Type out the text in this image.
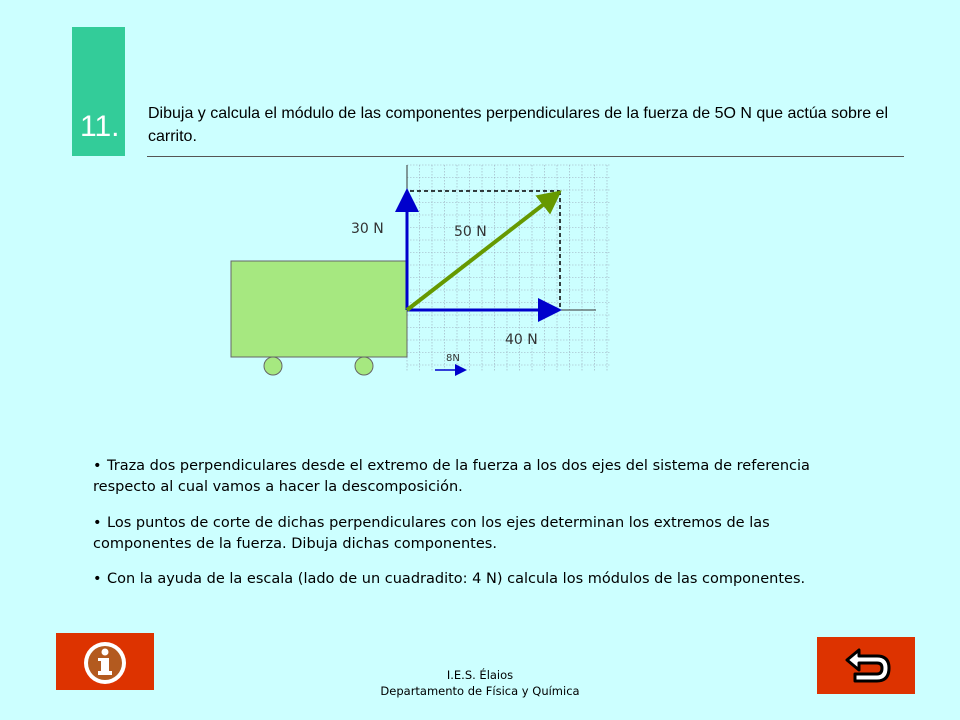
11. Dibuja y calcula el módulo de las componentes perpendiculares de la fuerza de 5O N que actúa sobre el carrito.
30 N	50 N
40 N
8N
• Traza dos perpendiculares desde el extremo de la fuerza a los dos ejes del sistema de referencia respecto al cual vamos a hacer la descomposición.
• Los puntos de corte de dichas perpendiculares con los ejes determinan los extremos de las componentes de la fuerza. Dibuja dichas componentes.
• Con la ayuda de la escala (lado de un cuadradito: 4 N) calcula los módulos de las componentes.
I.E.S. Élaios
Departamento de Física y Química
